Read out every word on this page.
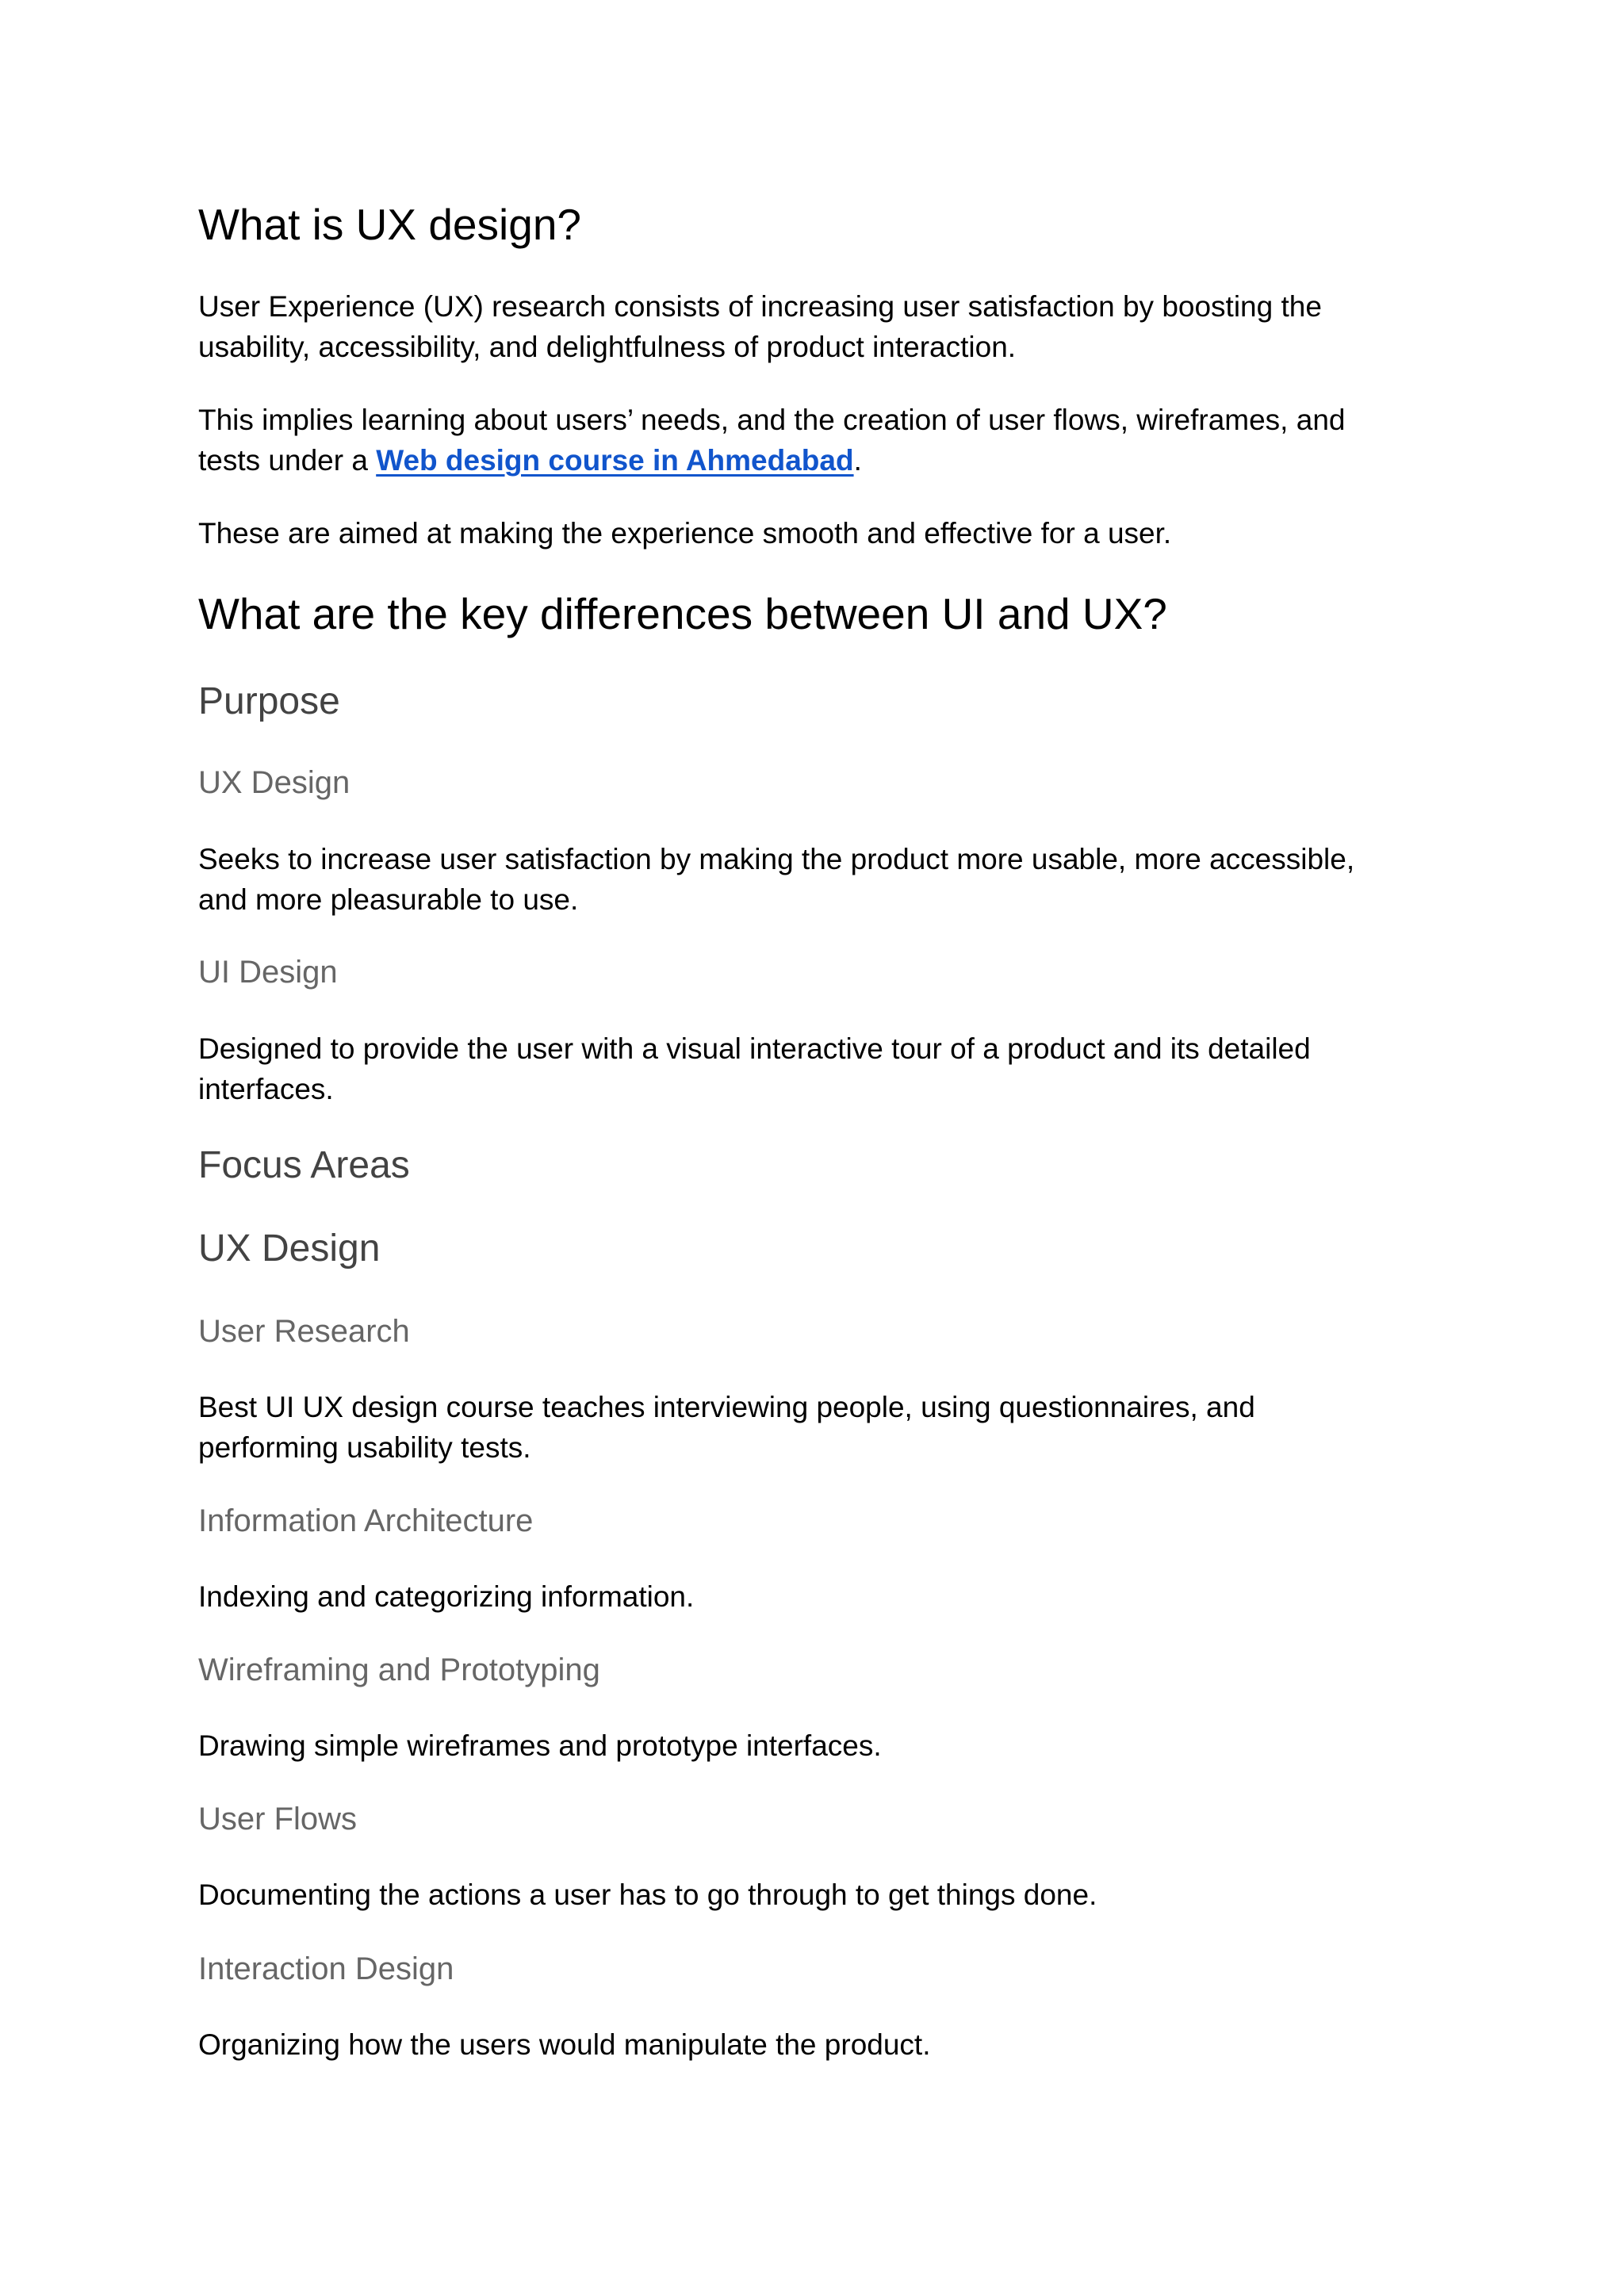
What is UX design?
User Experience (UX) research consists of increasing user satisfaction by boosting the
usability, accessibility, and delightfulness of product interaction.
This implies learning about users’ needs, and the creation of user flows, wireframes, and
tests under a Web design course in Ahmedabad.
These are aimed at making the experience smooth and effective for a user.
What are the key differences between UI and UX?
Purpose
UX Design
Seeks to increase user satisfaction by making the product more usable, more accessible,
and more pleasurable to use.
UI Design
Designed to provide the user with a visual interactive tour of a product and its detailed
interfaces.
Focus Areas
UX Design
User Research
Best UI UX design course teaches interviewing people, using questionnaires, and
performing usability tests.
Information Architecture
Indexing and categorizing information.
Wireframing and Prototyping
Drawing simple wireframes and prototype interfaces.
User Flows
Documenting the actions a user has to go through to get things done.
Interaction Design
Organizing how the users would manipulate the product.
